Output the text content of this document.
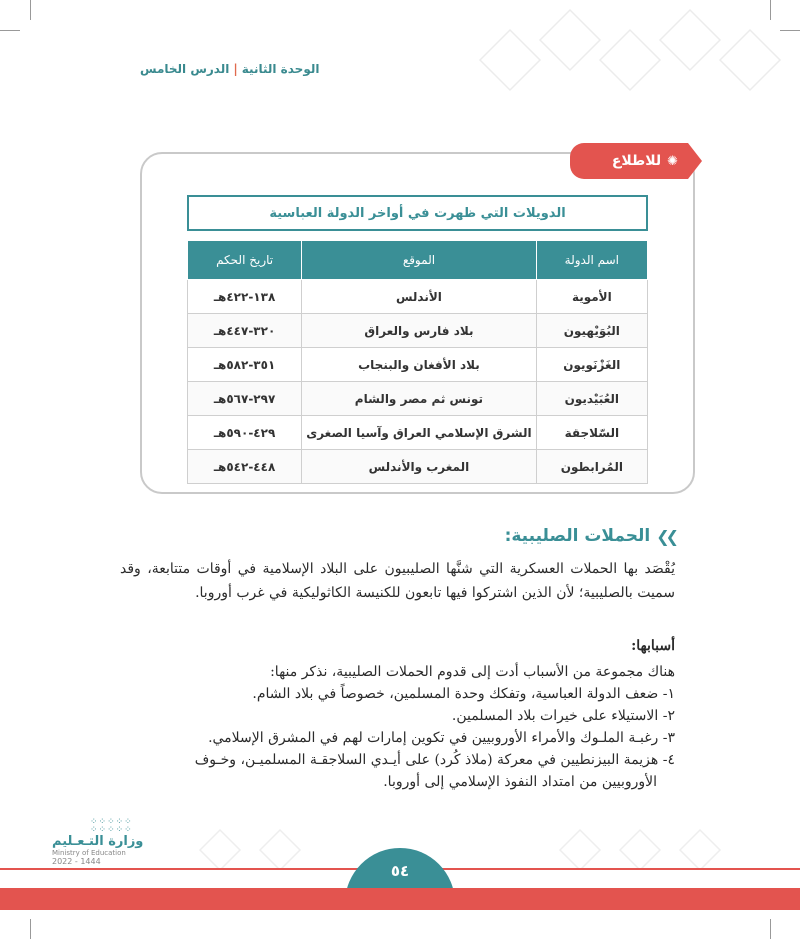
الوحدة الثانية|الدرس الخامس
✺
للاطلاع
الدويلات التي ظهرت في أواخر الدولة العباسية
اسم الدولة	الموقع	تاريخ الحكم
الأموية	الأندلس	١٣٨-٤٢٢هـ
البُوَيْهيون	بلاد فارس والعراق	٣٢٠-٤٤٧هـ
الغَزْنَويون	بلاد الأفغان والبنجاب	٣٥١-٥٨٢هـ
العُبَيْديون	تونس ثم مصر والشام	٢٩٧-٥٦٧هـ
السّلاجقة	الشرق الإسلامي العراق وآسيا الصغرى	٤٢٩-٥٩٠هـ
المُرابطون	المغرب والأندلس	٤٤٨-٥٤٢هـ
❯❯
الحملات الصليبية:
يُقْصَد بها الحملات العسكرية التي شنَّها الصليبيون على البلاد الإسلامية في أوقات متتابعة، وقد سميت بالصليبية؛ لأن الذين اشتركوا فيها تابعون للكنيسة الكاثوليكية في غرب أوروبا.
أسبابها:

هناك مجموعة من الأسباب أدت إلى قدوم الحملات الصليبية، نذكر منها:

١- ضعف الدولة العباسية، وتفكك وحدة المسلمين، خصوصاً في بلاد الشام.

٢- الاستيلاء على خيرات بلاد المسلمين.

٣- رغبـة الملـوك والأمراء الأوروبيين في تكوين إمارات لهم في المشرق الإسلامي.

٤- هزيمة البيزنطيين في معركة (ملاذ كُرد) على أيـدي السلاجقـة المسلميـن، وخـوف

الأوروبيين من امتداد النفوذ الإسلامي إلى أوروبا.

⁘⁘⁘⁘⁘
⁘⁘⁘⁘⁘
وزارة التـعـليم
Ministry of Education
2022 - 1444
٥٤
